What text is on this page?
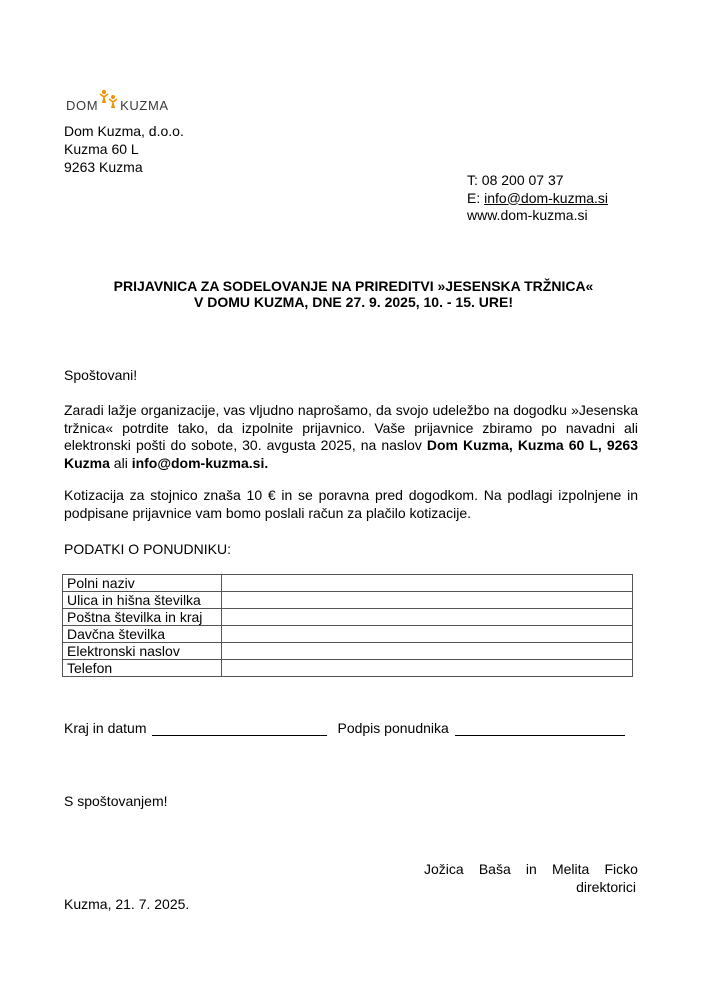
DOM KUZMA
Dom Kuzma, d.o.o.
Kuzma 60 L
9263 Kuzma
T: 08 200 07 37
E: info@dom-kuzma.si
www.dom-kuzma.si
PRIJAVNICA ZA SODELOVANJE NA PRIREDITVI »JESENSKA TRŽNICA«
V DOMU KUZMA, DNE 27. 9. 2025, 10. - 15. URE!
Spoštovani!
Zaradi lažje organizacije, vas vljudno naprošamo, da svojo udeležbo na dogodku »Jesenska tržnica« potrdite tako, da izpolnite prijavnico. Vaše prijavnice zbiramo po navadni ali elektronski pošti do sobote, 30. avgusta 2025, na naslov Dom Kuzma, Kuzma 60 L, 9263 Kuzma ali info@dom-kuzma.si.
Kotizacija za stojnico znaša 10 € in se poravna pred dogodkom. Na podlagi izpolnjene in podpisane prijavnice vam bomo poslali račun za plačilo kotizacije.
PODATKI O PONUDNIKU:
Polni naziv	
Ulica in hišna številka	
Poštna številka in kraj	
Davčna številka	
Elektronski naslov	
Telefon	
Kraj in datum	Podpis ponudnika
S spoštovanjem!
Jožica Baša in Melita Ficko
direktorici
Kuzma, 21. 7. 2025.
